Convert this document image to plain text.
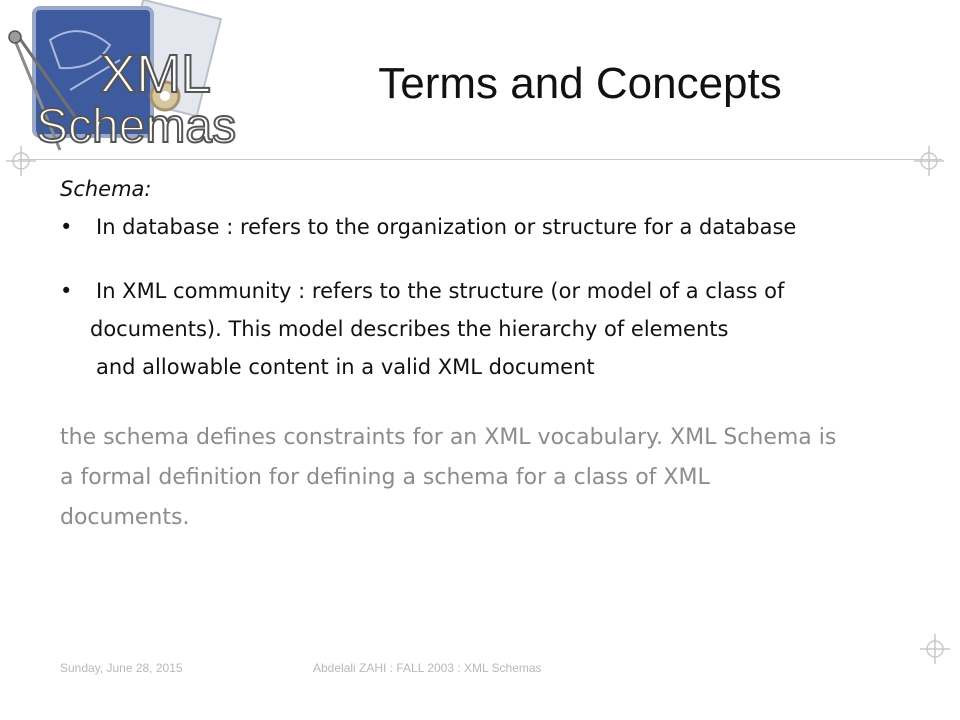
XML
Schemas
Terms and Concepts
Schema:
• In database : refers to the organization or structure for a database
• In XML community : refers to the structure (or model of a class of
documents). This model describes the hierarchy of elements
and allowable content in a valid XML document
the schema defines constraints for an XML vocabulary. XML Schema is
a formal definition for defining a schema for a class of XML
documents.
Sunday, June 28, 2015	Abdelali ZAHI : FALL 2003 : XML Schemas
